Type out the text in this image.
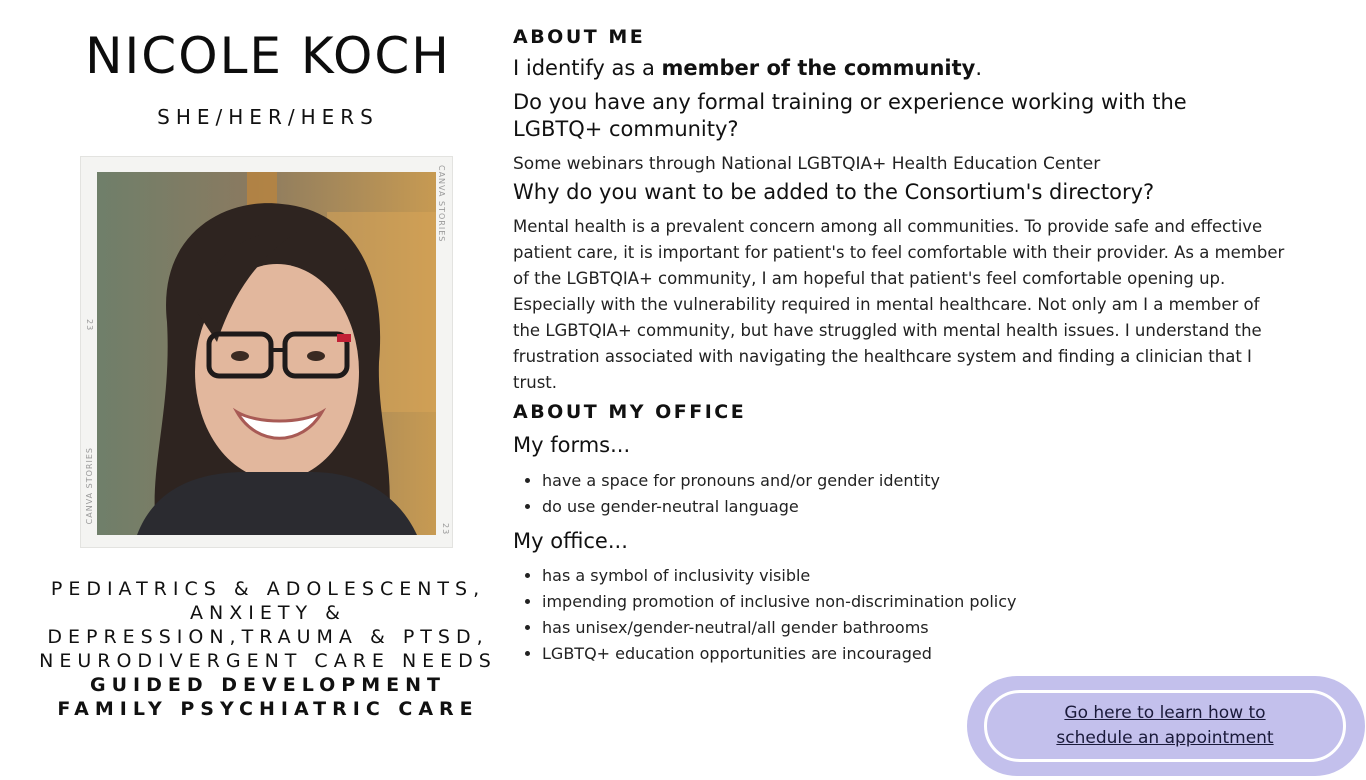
NICOLE KOCH
SHE/HER/HERS
CANVA STORIES
23
23
CANVA STORIES
PEDIATRICS & ADOLESCENTS, ANXIETY & DEPRESSION,TRAUMA & PTSD, NEURODIVERGENT CARE NEEDS
GUIDED DEVELOPMENT FAMILY PSYCHIATRIC CARE
ABOUT ME
I identify as a member of the community.
Do you have any formal training or experience working with the LGBTQ+ community?
Some webinars through National LGBTQIA+ Health Education Center
Why do you want to be added to the Consortium's directory?
Mental health is a prevalent concern among all communities. To provide safe and effective patient care, it is important for patient's to feel comfortable with their provider. As a member of the LGBTQIA+ community, I am hopeful that patient's feel comfortable opening up. Especially with the vulnerability required in mental healthcare. Not only am I a member of the LGBTQIA+ community, but have struggled with mental health issues. I understand the frustration associated with navigating the healthcare system and finding a clinician that I trust.
ABOUT MY OFFICE
My forms...
• have a space for pronouns and/or gender identity
• do use gender-neutral language
My office...
• has a symbol of inclusivity visible
• impending promotion of inclusive non-discrimination policy
• has unisex/gender-neutral/all gender bathrooms
• LGBTQ+ education opportunities are incouraged
Go here to learn how to schedule an appointment
